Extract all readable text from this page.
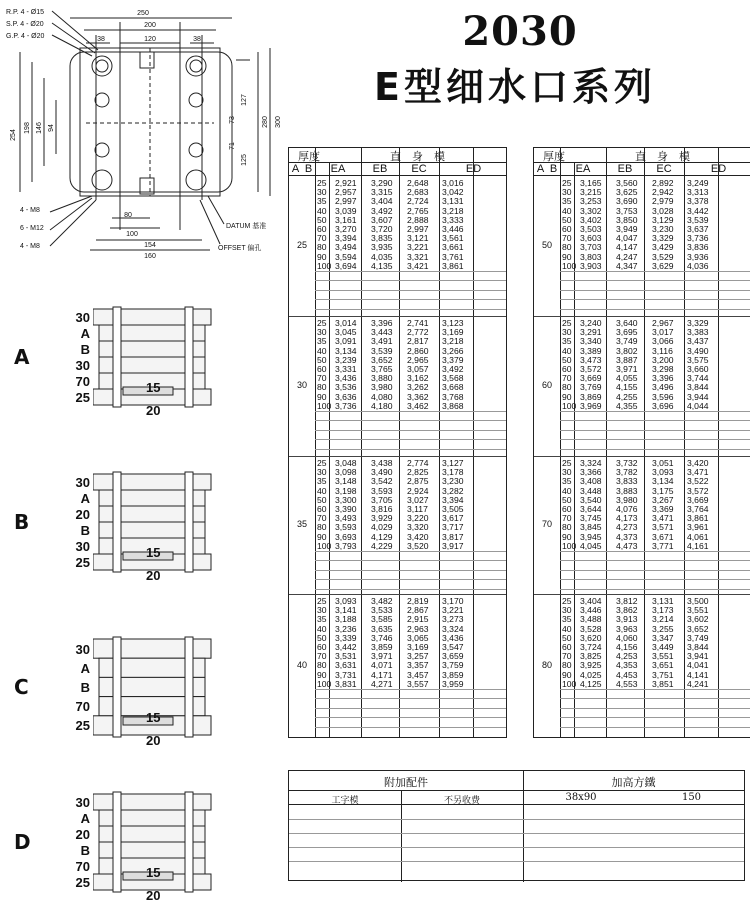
2030
E型细水口系列
R.P. 4 - Ø15
S.P. 4 - Ø20
G.P. 4 - Ø20
250
200
120
38	38
80
100
154
160
4 - M8
6 - M12
4 - M8
DATUM 基准
OFFSET 偏孔
254
198 146 94
300
280
127
73
71
125
A
30
A
B
30
70
25
15
20
B
30
A
20
B
30
25
15
20
C
30
A
B
70
25
15
20
D
30
A
20
B
70
25
15
20
厚度	直　身　模
A B	EA	EB	EC	ED
25
25 2,921 3,290 2,648 3,016
30 2,957 3,315 2,683 3,042
35 2,997 3,404 2,724 3,131
40 3,039 3,492 2,765 3,218
50 3,161 3,607 2,888 3,333
60 3,270 3,720 2,997 3,446
70 3,394 3,835 3,121 3,561
80 3,494 3,935 3,221 3,661
90 3,594 4,035 3,321 3,761
100 3,694 4,135 3,421 3,861
30
25 3,014 3,396 2,741 3,123
30 3,045 3,443 2,772 3,169
35 3,091 3,491 2,817 3,218
40 3,134 3,539 2,860 3,266
50 3,239 3,652 2,965 3,379
60 3,331 3,765 3,057 3,492
70 3,436 3,880 3,162 3,568
80 3,536 3,980 3,262 3,668
90 3,636 4,080 3,362 3,768
100 3,736 4,180 3,462 3,868
35
25 3,048 3,438 2,774 3,127
30 3,098 3,490 2,825 3,178
35 3,148 3,542 2,875 3,230
40 3,198 3,593 2,924 3,282
50 3,300 3,705 3,027 3,394
60 3,390 3,816 3,117 3,505
70 3,493 3,929 3,220 3,617
80 3,593 4,029 3,320 3,717
90 3,693 4,129 3,420 3,817
100 3,793 4,229 3,520 3,917
40
25 3,093 3,482 2,819 3,170
30 3,141 3,533 2,867 3,221
35 3,188 3,585 2,915 3,273
40 3,236 3,635 2,963 3,324
50 3,339 3,746 3,065 3,436
60 3,442 3,859 3,169 3,547
70 3,531 3,971 3,257 3,659
80 3,631 4,071 3,357 3,759
90 3,731 4,171 3,457 3,859
100 3,831 4,271 3,557 3,959
厚度	直　身　模
A B	EA	EB	EC	ED
50
25 3,165 3,560 2,892 3,249
30 3,215 3,625 2,942 3,313
35 3,253 3,690 2,979 3,378
40 3,302 3,753 3,028 3,442
50 3,402 3,850 3,129 3,539
60 3,503 3,949 3,230 3,637
70 3,603 4,047 3,329 3,736
80 3,703 4,147 3,429 3,836
90 3,803 4,247 3,529 3,936
100 3,903 4,347 3,629 4,036
60
25 3,240 3,640 2,967 3,329
30 3,291 3,695 3,017 3,383
35 3,340 3,749 3,066 3,437
40 3,389 3,802 3,116 3,490
50 3,473 3,887 3,200 3,575
60 3,572 3,971 3,298 3,660
70 3,669 4,055 3,396 3,744
80 3,769 4,155 3,496 3,844
90 3,869 4,255 3,596 3,944
100 3,969 4,355 3,696 4,044
70
25 3,324 3,732 3,051 3,420
30 3,366 3,782 3,093 3,471
35 3,408 3,833 3,134 3,522
40 3,448 3,883 3,175 3,572
50 3,540 3,980 3,267 3,669
60 3,644 4,076 3,369 3,764
70 3,745 4,173 3,471 3,861
80 3,845 4,273 3,571 3,961
90 3,945 4,373 3,671 4,061
100 4,045 4,473 3,771 4,161
80
25 3,404 3,812 3,131 3,500
30 3,446 3,862 3,173 3,551
35 3,488 3,913 3,214 3,602
40 3,528 3,963 3,255 3,652
50 3,620 4,060 3,347 3,749
60 3,724 4,156 3,449 3,844
70 3,825 4,253 3,551 3,941
80 3,925 4,353 3,651 4,041
90 4,025 4,453 3,751 4,141
100 4,125 4,553 3,851 4,241
附加配件	加高方鐵
工字模	不另收费	38x90	150
